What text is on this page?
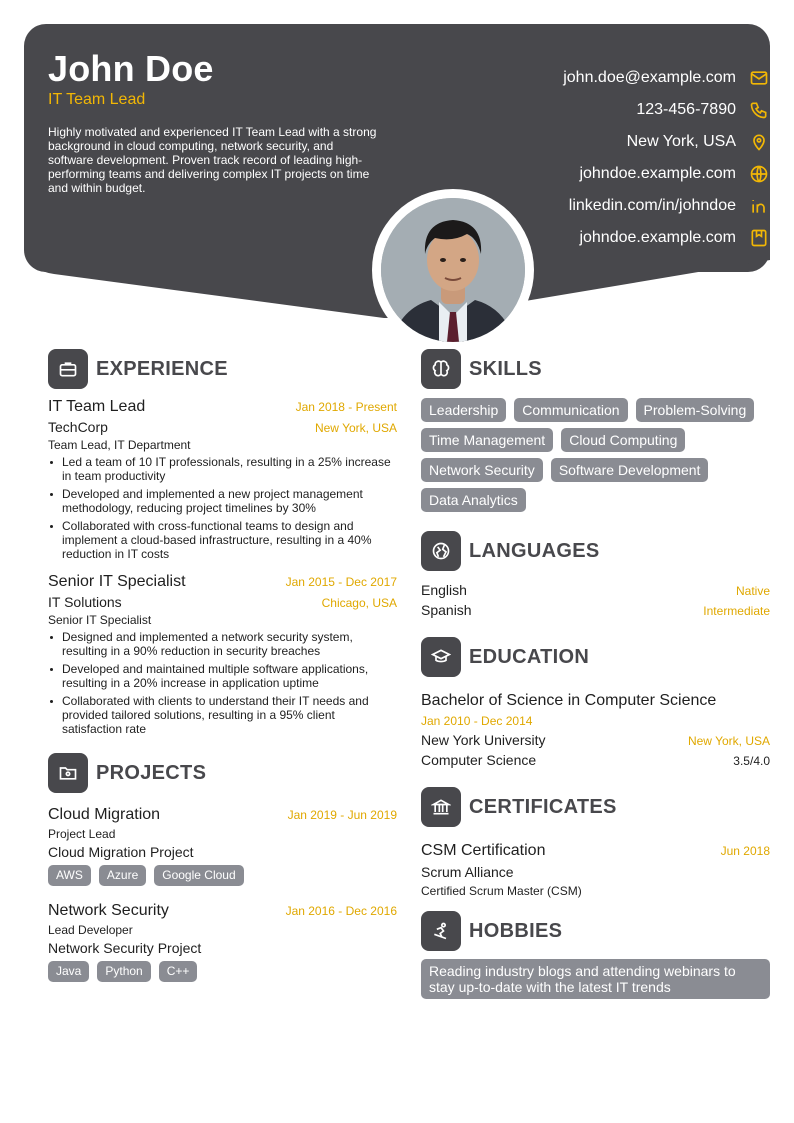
John Doe
IT Team Lead
Highly motivated and experienced IT Team Lead with a strong background in cloud computing, network security, and software development. Proven track record of leading high-performing teams and delivering complex IT projects on time and within budget.
john.doe@example.com
123-456-7890
New York, USA
johndoe.example.com
linkedin.com/in/johndoe
johndoe.example.com
EXPERIENCE
IT Team Lead	Jan 2018 - Present
TechCorp	New York, USA
Team Lead, IT Department
Led a team of 10 IT professionals, resulting in a 25% increase in team productivity
Developed and implemented a new project management methodology, reducing project timelines by 30%
Collaborated with cross-functional teams to design and implement a cloud-based infrastructure, resulting in a 40% reduction in IT costs
Senior IT Specialist	Jan 2015 - Dec 2017
IT Solutions	Chicago, USA
Senior IT Specialist
Designed and implemented a network security system, resulting in a 90% reduction in security breaches
Developed and maintained multiple software applications, resulting in a 20% increase in application uptime
Collaborated with clients to understand their IT needs and provided tailored solutions, resulting in a 95% client satisfaction rate
PROJECTS
Cloud Migration	Jan 2019 - Jun 2019
Project Lead
Cloud Migration Project
AWS	Azure	Google Cloud
Network Security	Jan 2016 - Dec 2016
Lead Developer
Network Security Project
Java	Python	C++
SKILLS
Leadership	Communication	Problem-Solving
Time Management	Cloud Computing
Network Security	Software Development
Data Analytics
LANGUAGES
English	Native
Spanish	Intermediate
EDUCATION
Bachelor of Science in Computer Science
Jan 2010 - Dec 2014
New York University	New York, USA
Computer Science	3.5/4.0
CERTIFICATES
CSM Certification	Jun 2018
Scrum Alliance
Certified Scrum Master (CSM)
HOBBIES
Reading industry blogs and attending webinars to stay up-to-date with the latest IT trends
